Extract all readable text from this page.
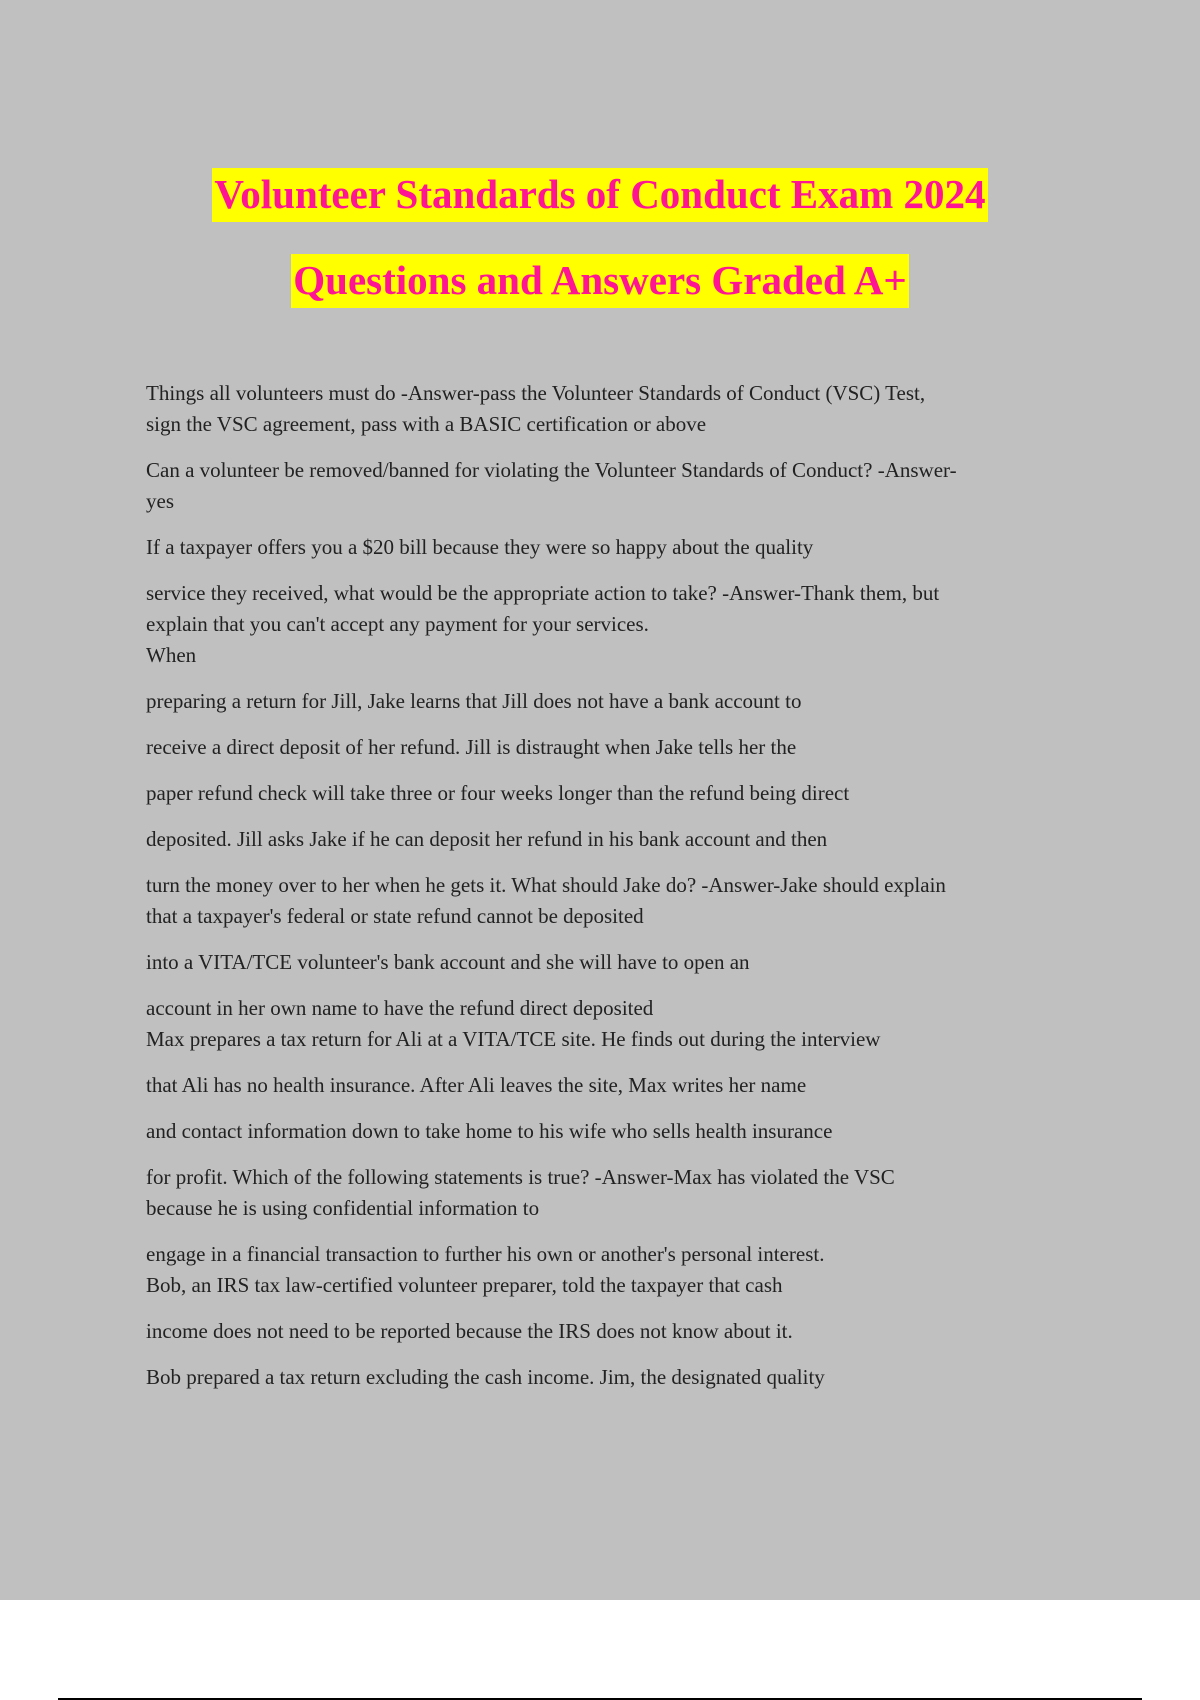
Volunteer Standards of Conduct Exam 2024
Questions and Answers Graded A+

Things all volunteers must do -Answer-pass the Volunteer Standards of Conduct (VSC) Test,
sign the VSC agreement, pass with a BASIC certification or above

Can a volunteer be removed/banned for violating the Volunteer Standards of Conduct? -Answer-
yes

If a taxpayer offers you a $20 bill because they were so happy about the quality

service they received, what would be the appropriate action to take? -Answer-Thank them, but
explain that you can't accept any payment for your services.
When

preparing a return for Jill, Jake learns that Jill does not have a bank account to

receive a direct deposit of her refund. Jill is distraught when Jake tells her the

paper refund check will take three or four weeks longer than the refund being direct

deposited. Jill asks Jake if he can deposit her refund in his bank account and then

turn the money over to her when he gets it. What should Jake do? -Answer-Jake should explain
that a taxpayer's federal or state refund cannot be deposited

into a VITA/TCE volunteer's bank account and she will have to open an

account in her own name to have the refund direct deposited
Max prepares a tax return for Ali at a VITA/TCE site. He finds out during the interview

that Ali has no health insurance. After Ali leaves the site, Max writes her name

and contact information down to take home to his wife who sells health insurance

for profit. Which of the following statements is true? -Answer-Max has violated the VSC
because he is using confidential information to

engage in a financial transaction to further his own or another's personal interest.
Bob, an IRS tax law-certified volunteer preparer, told the taxpayer that cash

income does not need to be reported because the IRS does not know about it.

Bob prepared a tax return excluding the cash income. Jim, the designated quality
